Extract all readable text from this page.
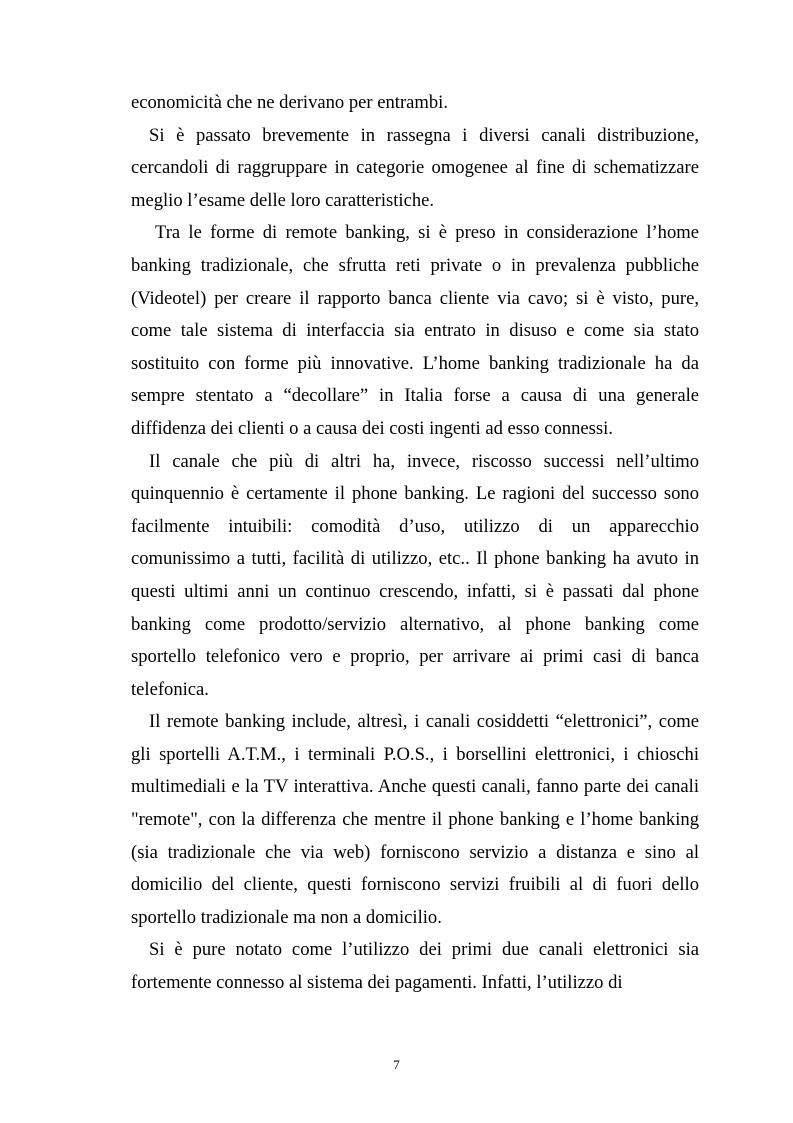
economicità che ne derivano per entrambi.

Si è passato brevemente in rassegna i diversi canali distribuzione, cercandoli di raggruppare in categorie omogenee al fine di schematizzare meglio l’esame delle loro caratteristiche.

Tra le forme di remote banking, si è preso in considerazione l’home banking tradizionale, che sfrutta reti private o in prevalenza pubbliche (Videotel) per creare il rapporto banca cliente via cavo; si è visto, pure, come tale sistema di interfaccia sia entrato in disuso e come sia stato sostituito con forme più innovative. L’home banking tradizionale ha da sempre stentato a “decollare” in Italia forse a causa di una generale diffidenza dei clienti o a causa dei costi ingenti ad esso connessi.

Il canale che più di altri ha, invece, riscosso successi nell’ultimo quinquennio è certamente il phone banking. Le ragioni del successo sono facilmente intuibili: comodità d’uso, utilizzo di un apparecchio comunissimo a tutti, facilità di utilizzo, etc.. Il phone banking ha avuto in questi ultimi anni un continuo crescendo, infatti, si è passati dal phone banking come prodotto/servizio alternativo, al phone banking come sportello telefonico vero e proprio, per arrivare ai primi casi di banca telefonica.

Il remote banking include, altresì, i canali cosiddetti “elettronici”, come gli sportelli A.T.M., i terminali P.O.S., i borsellini elettronici, i chioschi multimediali e la TV interattiva. Anche questi canali, fanno parte dei canali "remote", con la differenza che mentre il phone banking e l’home banking (sia tradizionale che via web) forniscono servizio a distanza e sino al domicilio del cliente, questi forniscono servizi fruibili al di fuori dello sportello tradizionale ma non a domicilio.

Si è pure notato come l’utilizzo dei primi due canali elettronici sia fortemente connesso al sistema dei pagamenti. Infatti, l’utilizzo di

7
